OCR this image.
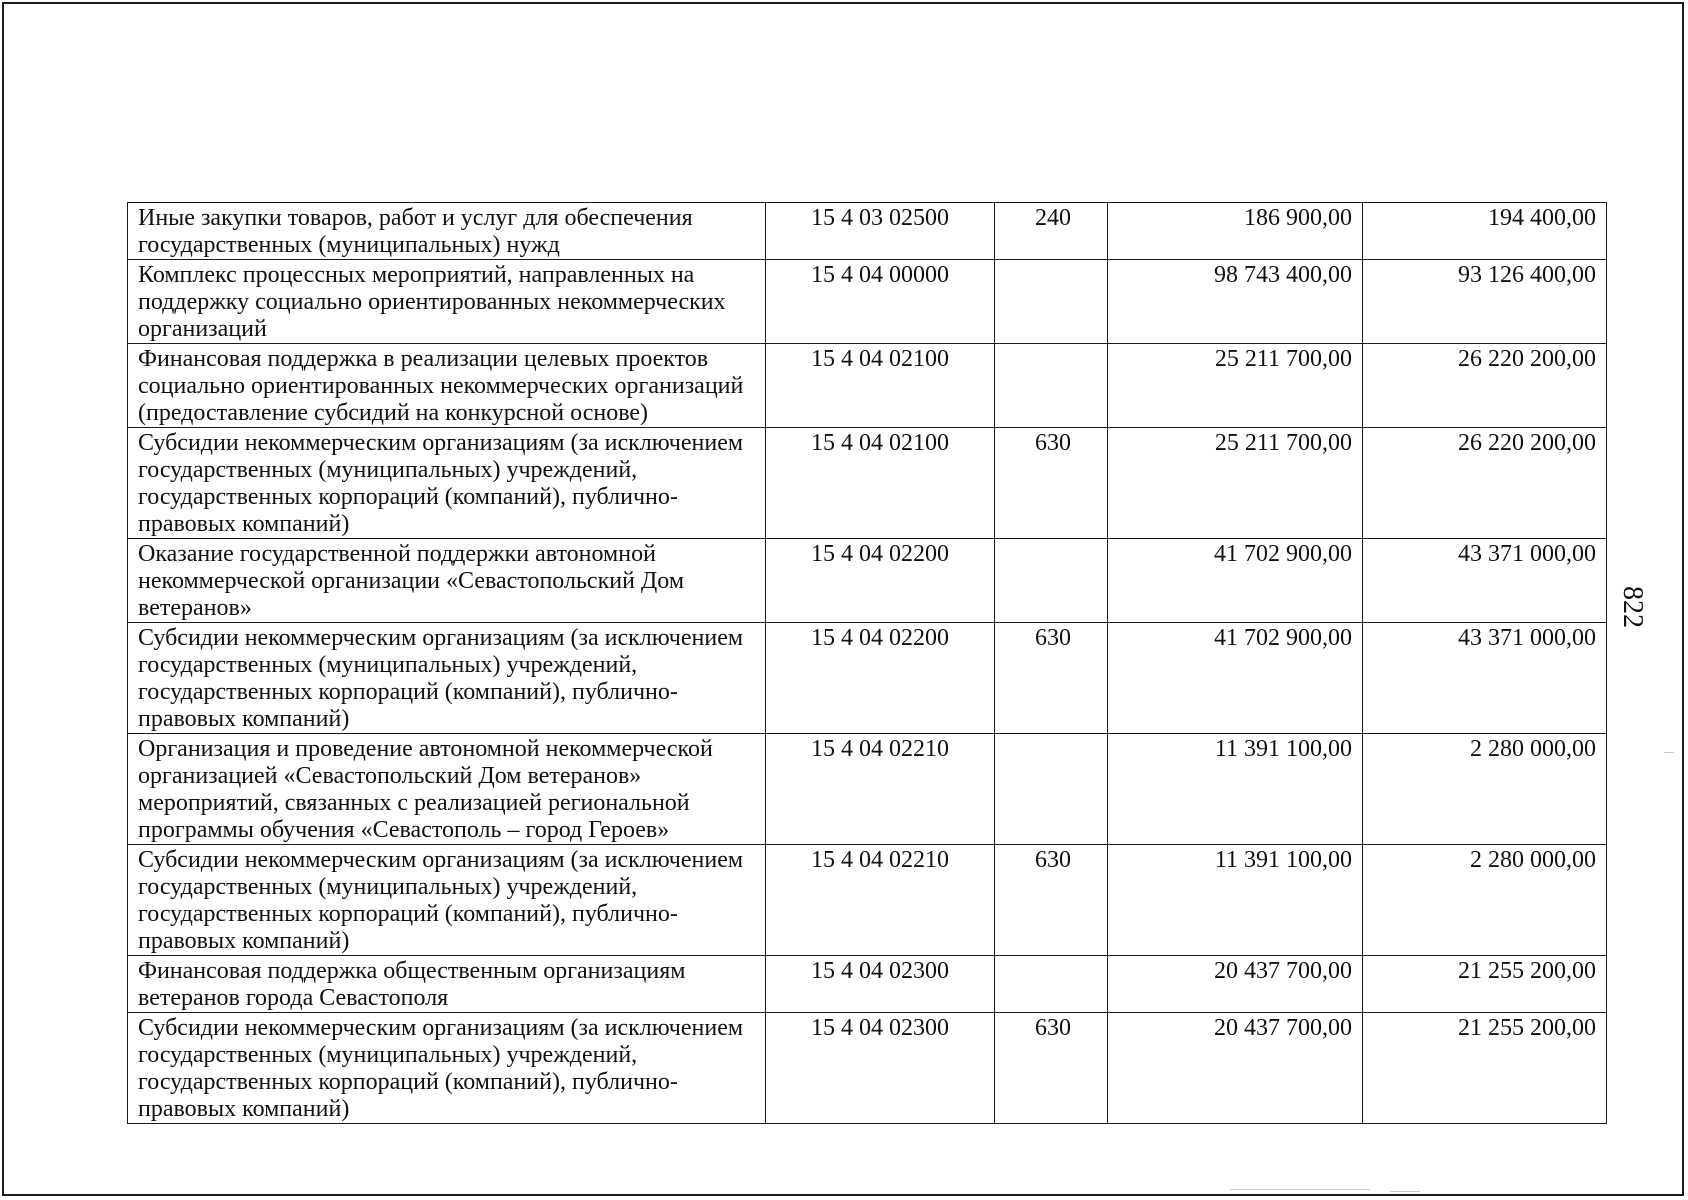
Иные закупки товаров, работ и услуг для обеспечения государственных (муниципальных) нужд	15 4 03 02500	240	186 900,00	194 400,00
Комплекс процессных мероприятий, направленных на поддержку социально ориентированных некоммерческих организаций	15 4 04 00000		98 743 400,00	93 126 400,00
Финансовая поддержка в реализации целевых проектов социально ориентированных некоммерческих организаций (предоставление субсидий на конкурсной основе)	15 4 04 02100		25 211 700,00	26 220 200,00
Субсидии некоммерческим организациям (за исключением государственных (муниципальных) учреждений, государственных корпораций (компаний), публично-правовых компаний)	15 4 04 02100	630	25 211 700,00	26 220 200,00
Оказание государственной поддержки автономной некоммерческой организации «Севастопольский Дом ветеранов»	15 4 04 02200		41 702 900,00	43 371 000,00
Субсидии некоммерческим организациям (за исключением государственных (муниципальных) учреждений, государственных корпораций (компаний), публично-правовых компаний)	15 4 04 02200	630	41 702 900,00	43 371 000,00
Организация и проведение автономной некоммерческой организацией «Севастопольский Дом ветеранов» мероприятий, связанных с реализацией региональной программы обучения «Севастополь – город Героев»	15 4 04 02210		11 391 100,00	2 280 000,00
Субсидии некоммерческим организациям (за исключением государственных (муниципальных) учреждений, государственных корпораций (компаний), публично-правовых компаний)	15 4 04 02210	630	11 391 100,00	2 280 000,00
Финансовая поддержка общественным организациям ветеранов города Севастополя	15 4 04 02300		20 437 700,00	21 255 200,00
Субсидии некоммерческим организациям (за исключением государственных (муниципальных) учреждений, государственных корпораций (компаний), публично-правовых компаний)	15 4 04 02300	630	20 437 700,00	21 255 200,00
822
